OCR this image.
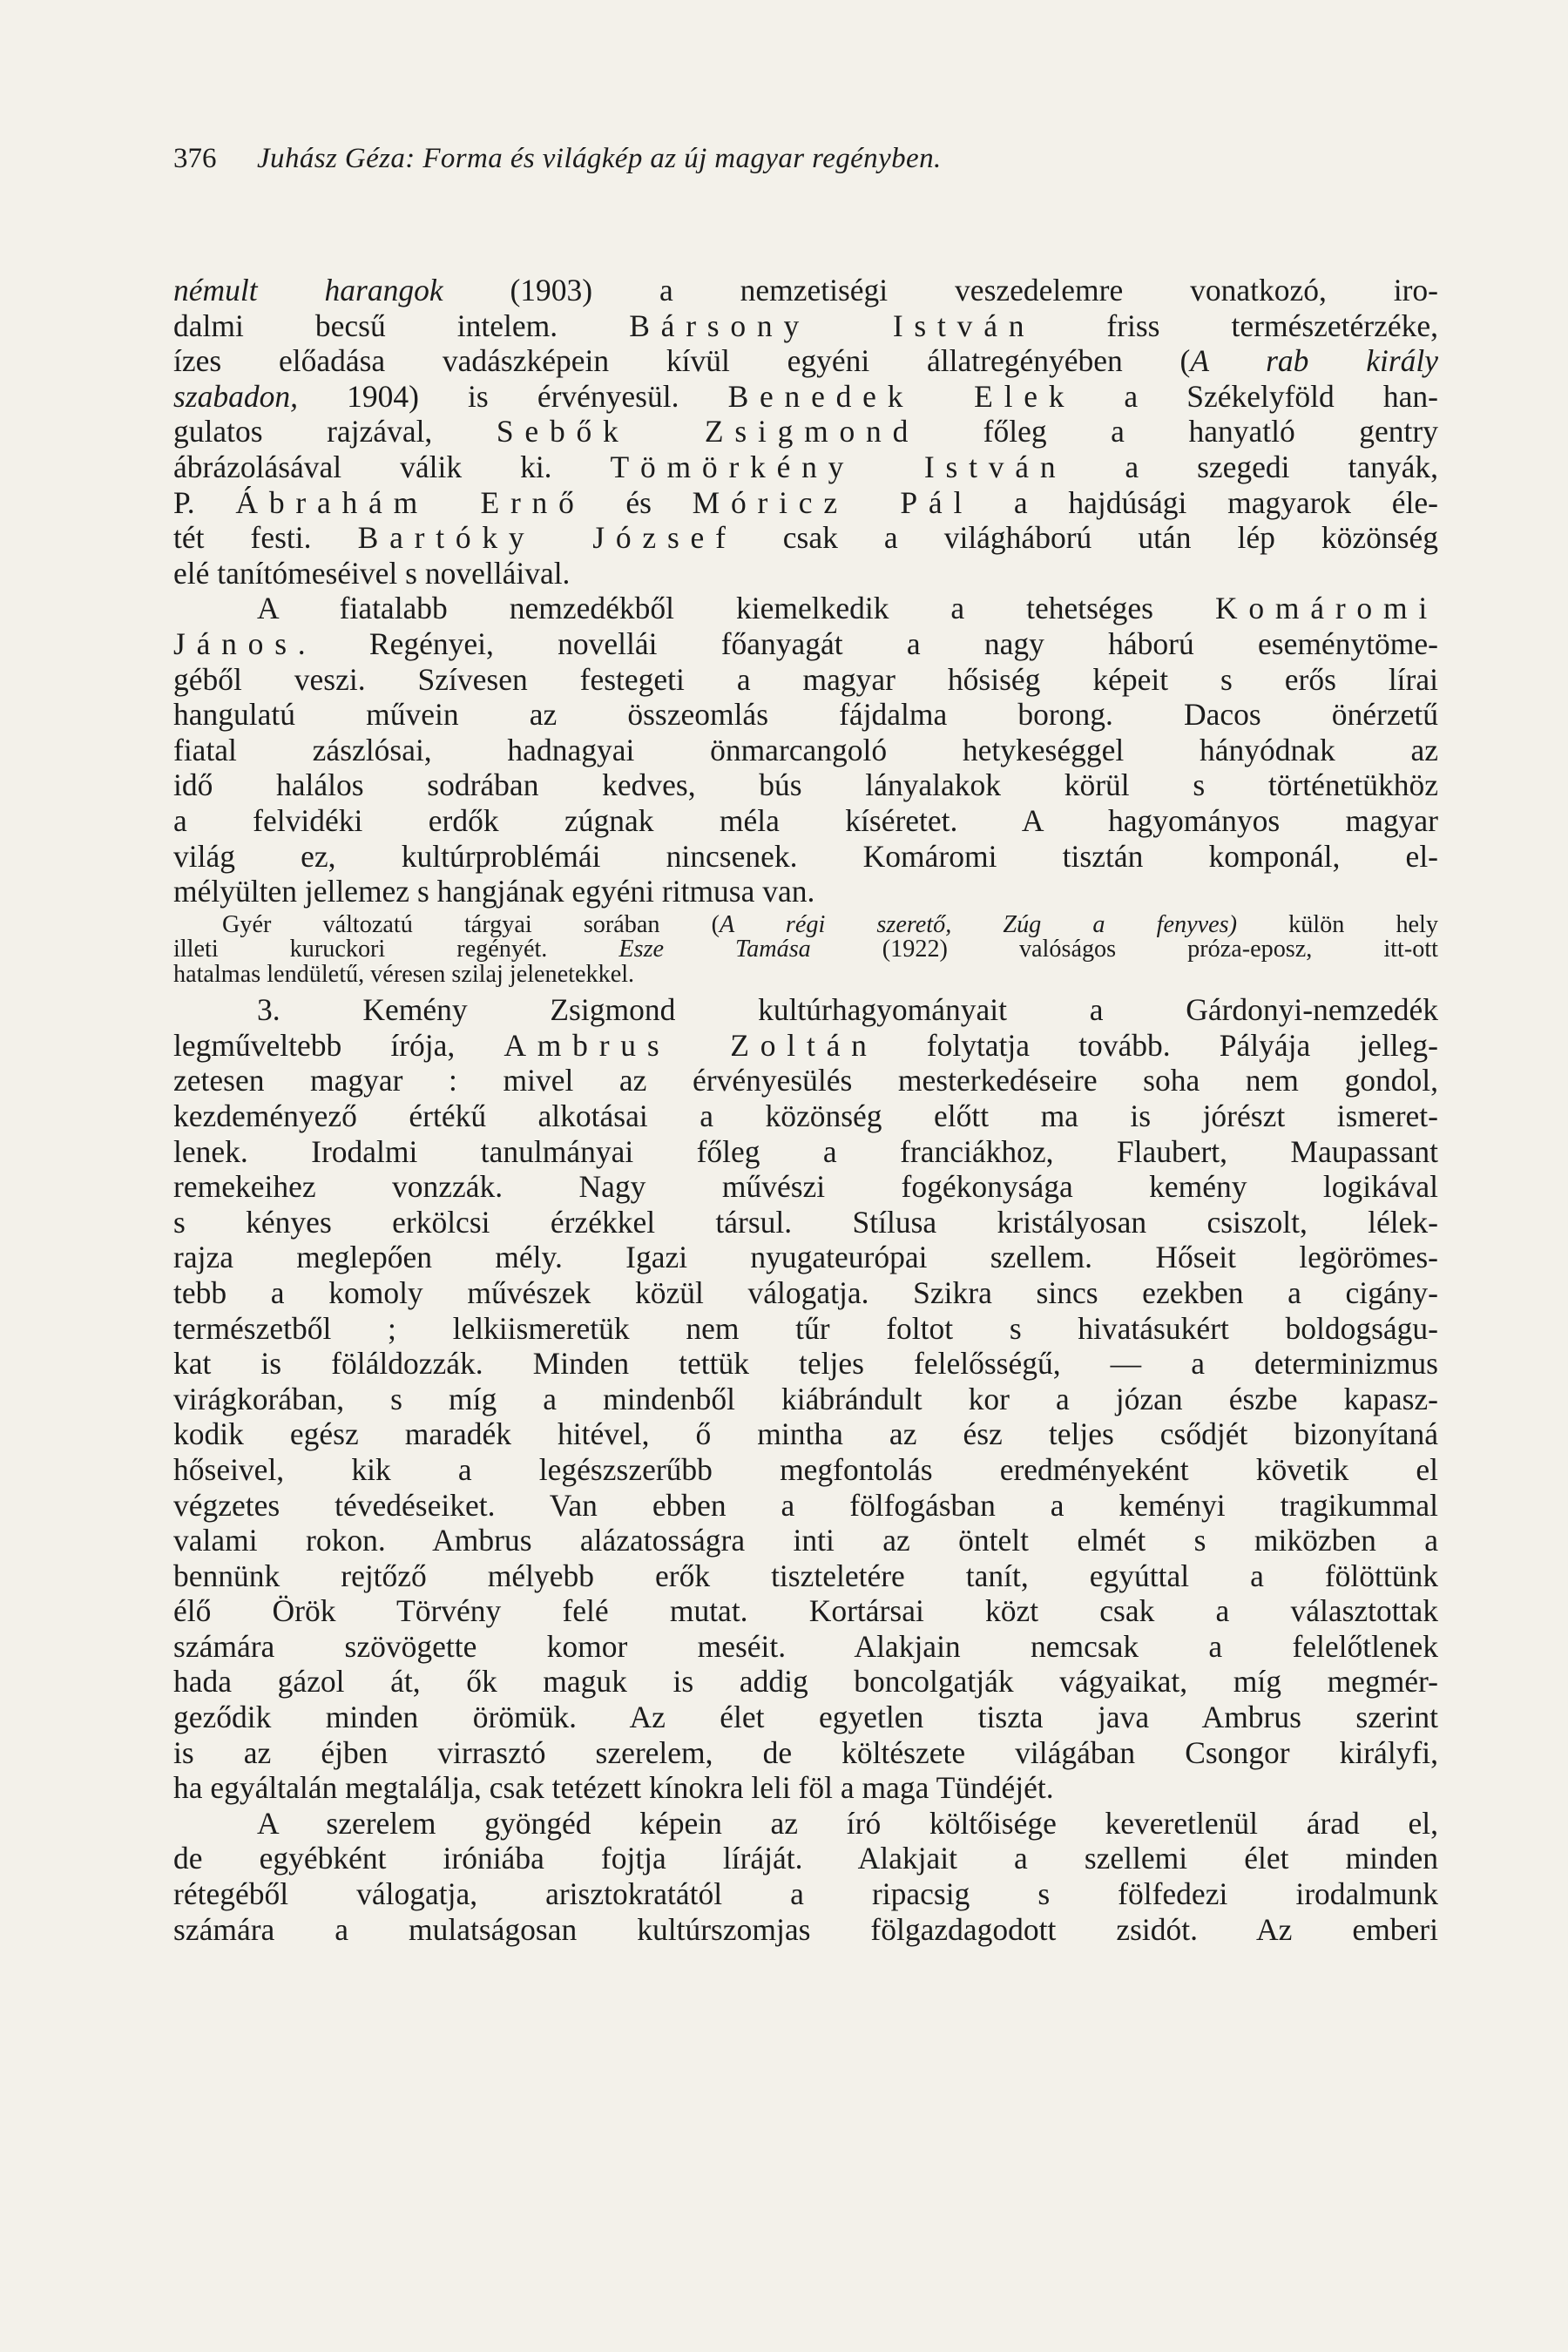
376 Juhász Géza: Forma és világkép az új magyar regényben.
némult harangok (1903) a nemzetiségi veszedelemre vonatkozó, iro-
dalmi becsű intelem. Bársony István friss természetérzéke,
ízes előadása vadászképein kívül egyéni állatregényében (A rab király
szabadon, 1904) is érvényesül. Benedek Elek a Székelyföld han-
gulatos rajzával, Sebők Zsigmond főleg a hanyatló gentry
ábrázolásával válik ki. Tömörkény István a szegedi tanyák,
P. Ábrahám Ernő és Móricz Pál a hajdúsági magyarok éle-
tét festi. Bartóky József csak a világháború után lép közönség
elé tanítómeséivel s novelláival.
A fiatalabb nemzedékből kiemelkedik a tehetséges Komáromi
János. Regényei, novellái főanyagát a nagy háború eseménytöme-
géből veszi. Szívesen festegeti a magyar hősiség képeit s erős lírai
hangulatú művein az összeomlás fájdalma borong. Dacos önérzetű
fiatal zászlósai, hadnagyai önmarcangoló hetykeséggel hányódnak az
idő halálos sodrában kedves, bús lányalakok körül s történetükhöz
a felvidéki erdők zúgnak méla kíséretet. A hagyományos magyar
világ ez, kultúrproblémái nincsenek. Komáromi tisztán komponál, el-
mélyülten jellemez s hangjának egyéni ritmusa van.
Gyér változatú tárgyai sorában (A régi szerető, Zúg a fenyves) külön hely
illeti kuruckori regényét. Esze Tamása (1922) valóságos próza-eposz, itt-ott
hatalmas lendületű, véresen szilaj jelenetekkel.
3. Kemény Zsigmond kultúrhagyományait a Gárdonyi-nemzedék
legműveltebb írója, Ambrus Zoltán folytatja tovább. Pályája jelleg-
zetesen magyar : mivel az érvényesülés mesterkedéseire soha nem gondol,
kezdeményező értékű alkotásai a közönség előtt ma is jórészt ismeret-
lenek. Irodalmi tanulmányai főleg a franciákhoz, Flaubert, Maupassant
remekeihez vonzzák. Nagy művészi fogékonysága kemény logikával
s kényes erkölcsi érzékkel társul. Stílusa kristályosan csiszolt, lélek-
rajza meglepően mély. Igazi nyugateurópai szellem. Hőseit legörömes-
tebb a komoly művészek közül válogatja. Szikra sincs ezekben a cigány-
természetből ; lelkiismeretük nem tűr foltot s hivatásukért boldogságu-
kat is föláldozzák. Minden tettük teljes felelősségű, — a determinizmus
virágkorában, s míg a mindenből kiábrándult kor a józan észbe kapasz-
kodik egész maradék hitével, ő mintha az ész teljes csődjét bizonyítaná
hőseivel, kik a legészszerűbb megfontolás eredményeként követik el
végzetes tévedéseiket. Van ebben a fölfogásban a keményi tragikummal
valami rokon. Ambrus alázatosságra inti az öntelt elmét s miközben a
bennünk rejtőző mélyebb erők tiszteletére tanít, egyúttal a fölöttünk
élő Örök Törvény felé mutat. Kortársai közt csak a választottak
számára szövögette komor meséit. Alakjain nemcsak a felelőtlenek
hada gázol át, ők maguk is addig boncolgatják vágyaikat, míg megmér-
geződik minden örömük. Az élet egyetlen tiszta java Ambrus szerint
is az éjben virrasztó szerelem, de költészete világában Csongor királyfi,
ha egyáltalán megtalálja, csak tetézett kínokra leli föl a maga Tündéjét.
A szerelem gyöngéd képein az író költőisége keveretlenül árad el,
de egyébként iróniába fojtja líráját. Alakjait a szellemi élet minden
rétegéből válogatja, arisztokratától a ripacsig s fölfedezi irodalmunk
számára a mulatságosan kultúrszomjas fölgazdagodott zsidót. Az emberi
